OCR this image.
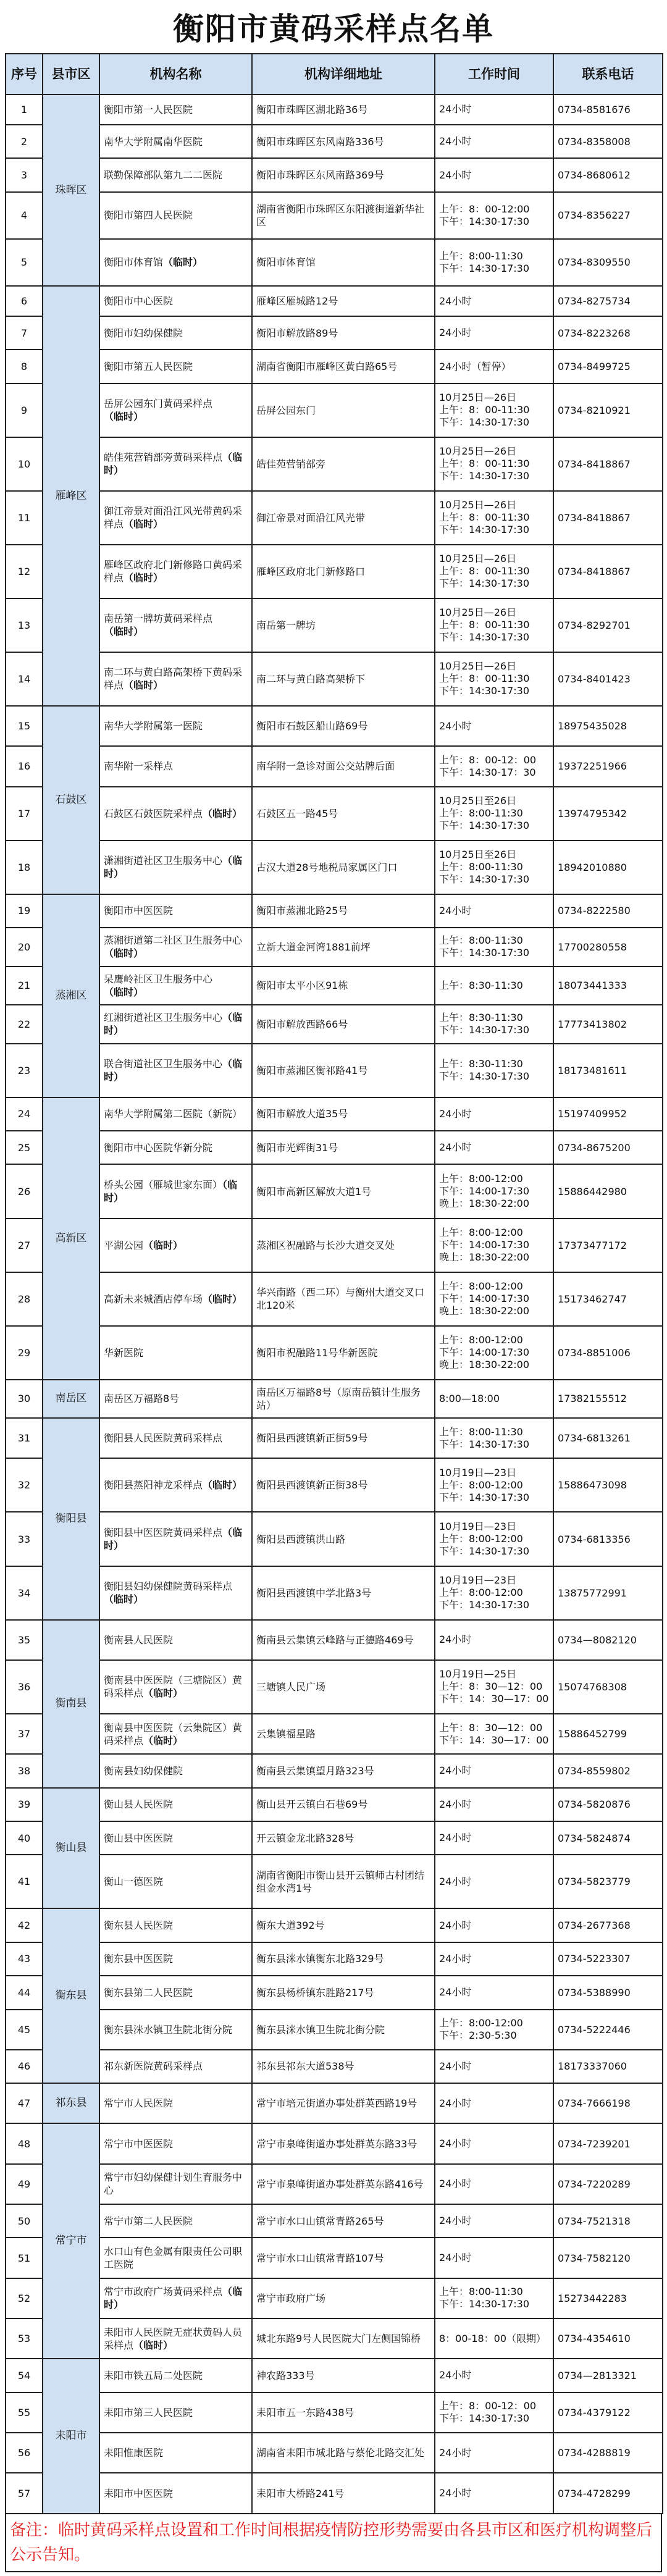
衡阳市黄码采样点名单
序号	县市区	机构名称	机构详细地址	工作时间	联系电话
1	珠晖区	衡阳市第一人民医院	衡阳市珠晖区湖北路36号	24小时	0734-8581676
2		南华大学附属南华医院	衡阳市珠晖区东风南路336号	24小时	0734-8358008
3		联勤保障部队第九二二医院	衡阳市珠晖区东风南路369号	24小时	0734-8680612
4		衡阳市第四人民医院	湖南省衡阳市珠晖区东阳渡街道新华社区	上午：8：00-12:00
下午：14:30-17:30	0734-8356227
5		衡阳市体育馆（临时）	衡阳市体育馆	上午：8:00-11:30
下午：14:30-17:30	0734-8309550
6	雁峰区	衡阳市中心医院	雁峰区雁城路12号	24小时	0734-8275734
7		衡阳市妇幼保健院	衡阳市解放路89号	24小时	0734-8223268
8		衡阳市第五人民医院	湖南省衡阳市雁峰区黄白路65号	24小时（暂停）	0734-8499725
9		岳屏公园东门黄码采样点（临时）	岳屏公园东门	10月25日—26日
上午：8：00-11:30
下午：14:30-17:30	0734-8210921
10		皓佳苑营销部旁黄码采样点（临时）	皓佳苑营销部旁	10月25日—26日
上午：8：00-11:30
下午：14:30-17:30	0734-8418867
11		御江帝景对面沿江风光带黄码采样点（临时）	御江帝景对面沿江风光带	10月25日—26日
上午：8：00-11:30
下午：14:30-17:30	0734-8418867
12		雁峰区政府北门新修路口黄码采样点（临时）	雁峰区政府北门新修路口	10月25日—26日
上午：8：00-11:30
下午：14:30-17:30	0734-8418867
13		南岳第一牌坊黄码采样点（临时）	南岳第一牌坊	10月25日—26日
上午：8：00-11:30
下午：14:30-17:30	0734-8292701
14		南二环与黄白路高架桥下黄码采样点（临时）	南二环与黄白路高架桥下	10月25日—26日
上午：8：00-11:30
下午：14:30-17:30	0734-8401423
15	石鼓区	南华大学附属第一医院	衡阳市石鼓区船山路69号	24小时	18975435028
16		南华附一采样点	南华附一急诊对面公交站牌后面	上午：8：00-12：00
下午：14:30-17：30	19372251966
17		石鼓区石鼓医院采样点（临时）	石鼓区五一路45号	10月25日至26日
上午：8:00-11:30
下午：14:30-17:30	13974795342
18		潇湘街道社区卫生服务中心（临时）	古汉大道28号地税局家属区门口	10月25日至26日
上午：8:00-11:30
下午：14:30-17:30	18942010880
19	蒸湘区	衡阳市中医医院	衡阳市蒸湘北路25号	24小时	0734-8222580
20		蒸湘街道第二社区卫生服务中心（临时）	立新大道金河湾1881前坪	上午：8:00-11:30
下午：14:30-17:30	17700280558
21		呆鹰岭社区卫生服务中心（临时）	衡阳市太平小区91栋	上午：8:30-11:30	18073441333
22		红湘街道社区卫生服务中心（临时）	衡阳市解放西路66号	上午：8:30-11:30
下午：14:30-17:30	17773413802
23		联合街道社区卫生服务中心（临时）	衡阳市蒸湘区衡祁路41号	上午：8:30-11:30
下午：14:30-17:30	18173481611
24	高新区	南华大学附属第二医院（新院）	衡阳市解放大道35号	24小时	15197409952
25		衡阳市中心医院华新分院	衡阳市光辉街31号	24小时	0734-8675200
26		桥头公园（雁城世家东面）（临时）	衡阳市高新区解放大道1号	上午：8:00-12:00
下午：14:00-17:30
晚上：18:30-22:00	15886442980
27		平湖公园（临时）	蒸湘区祝融路与长沙大道交叉处	上午：8:00-12:00
下午：14:00-17:30
晚上：18:30-22:00	17373477172
28		高新未来城酒店停车场（临时）	华兴南路（西二环）与衡州大道交叉口北120米	上午：8:00-12:00
下午：14:00-17:30
晚上：18:30-22:00	15173462747
29		华新医院	衡阳市祝融路11号华新医院	上午：8:00-12:00
下午：14:00-17:30
晚上：18:30-22:00	0734-8851006
30	南岳区	南岳区万福路8号	南岳区万福路8号（原南岳镇计生服务站）	8:00—18:00	17382155512
31	衡阳县	衡阳县人民医院黄码采样点	衡阳县西渡镇新正街59号	上午：8:00-11:30
下午：14:30-17:30	0734-6813261
32		衡阳县蒸阳神龙采样点（临时）	衡阳县西渡镇新正街38号	10月19日—23日
上午：8:00-12:00
下午：14:30-17:30	15886473098
33		衡阳县中医医院黄码采样点（临时）	衡阳县西渡镇洪山路	10月19日—23日
上午：8:00-12:00
下午：14:30-17:30	0734-6813356
34		衡阳县妇幼保健院黄码采样点（临时）	衡阳县西渡镇中学北路3号	10月19日—23日
上午：8:00-12:00
下午：14:30-17:30	13875772991
35	衡南县	衡南县人民医院	衡南县云集镇云峰路与正德路469号	24小时	0734—8082120
36		衡南县中医医院（三塘院区）黄码采样点（临时）	三塘镇人民广场	10月19日—25日
上午：8：30—12：00
下午：14：30—17：00	15074768308
37		衡南县中医医院（云集院区）黄码采样点（临时）	云集镇福星路	上午：8：30—12：00
下午：14：30—17：00	15886452799
38		衡南县妇幼保健院	衡南县云集镇望月路323号	24小时	0734-8559802
39	衡山县	衡山县人民医院	衡山县开云镇白石巷69号	24小时	0734-5820876
40		衡山县中医医院	开云镇金龙北路328号	24小时	0734-5824874
41		衡山一德医院	湖南省衡阳市衡山县开云镇师古村团结组金水湾1号	24小时	0734-5823779
42	衡东县	衡东县人民医院	衡东大道392号	24小时	0734-2677368
43		衡东县中医医院	衡东县洣水镇衡东北路329号	24小时	0734-5223307
44		衡东县第二人民医院	衡东县杨桥镇东胜路217号	24小时	0734-5388990
45		衡东县洣水镇卫生院北街分院	衡东县洣水镇卫生院北街分院	上午：8:00-12:00
下午：2:30-5:30	0734-5222446
46		祁东新医院黄码采样点	祁东县祁东大道538号	24小时	18173337060
47	祁东县	常宁市人民医院	常宁市培元街道办事处群英西路19号	24小时	0734-7666198
48	常宁市	常宁市中医医院	常宁市泉峰街道办事处群英东路33号	24小时	0734-7239201
49		常宁市妇幼保健计划生育服务中心	常宁市泉峰街道办事处群英东路416号	24小时	0734-7220289
50		常宁市第二人民医院	常宁市水口山镇常青路265号	24小时	0734-7521318
51		水口山有色金属有限责任公司职工医院	常宁市水口山镇常青路107号	24小时	0734-7582120
52		常宁市政府广场黄码采样点（临时）	常宁市政府广场	上午：8:00-11:30
下午：14:30-17:30	15273442283
53		耒阳市人民医院无症状黄码人员采样点（临时）	城北东路9号人民医院大门左侧国锦桥	8：00-18：00（限期）	0734-4354610
54	耒阳市	耒阳市铁五局二处医院	神农路333号	24小时	0734—2813321
55		耒阳市第三人民医院	耒阳市五一东路438号	上午：8：00-12：00
下午：14:30-17:30	0734-4379122
56		耒阳惟康医院	湖南省耒阳市城北路与蔡伦北路交汇处	24小时	0734-4288819
57		耒阳市中医医院	耒阳市大桥路241号	24小时	0734-4728299
备注：临时黄码采样点设置和工作时间根据疫情防控形势需要由各县市区和医疗机构调整后公示告知。
